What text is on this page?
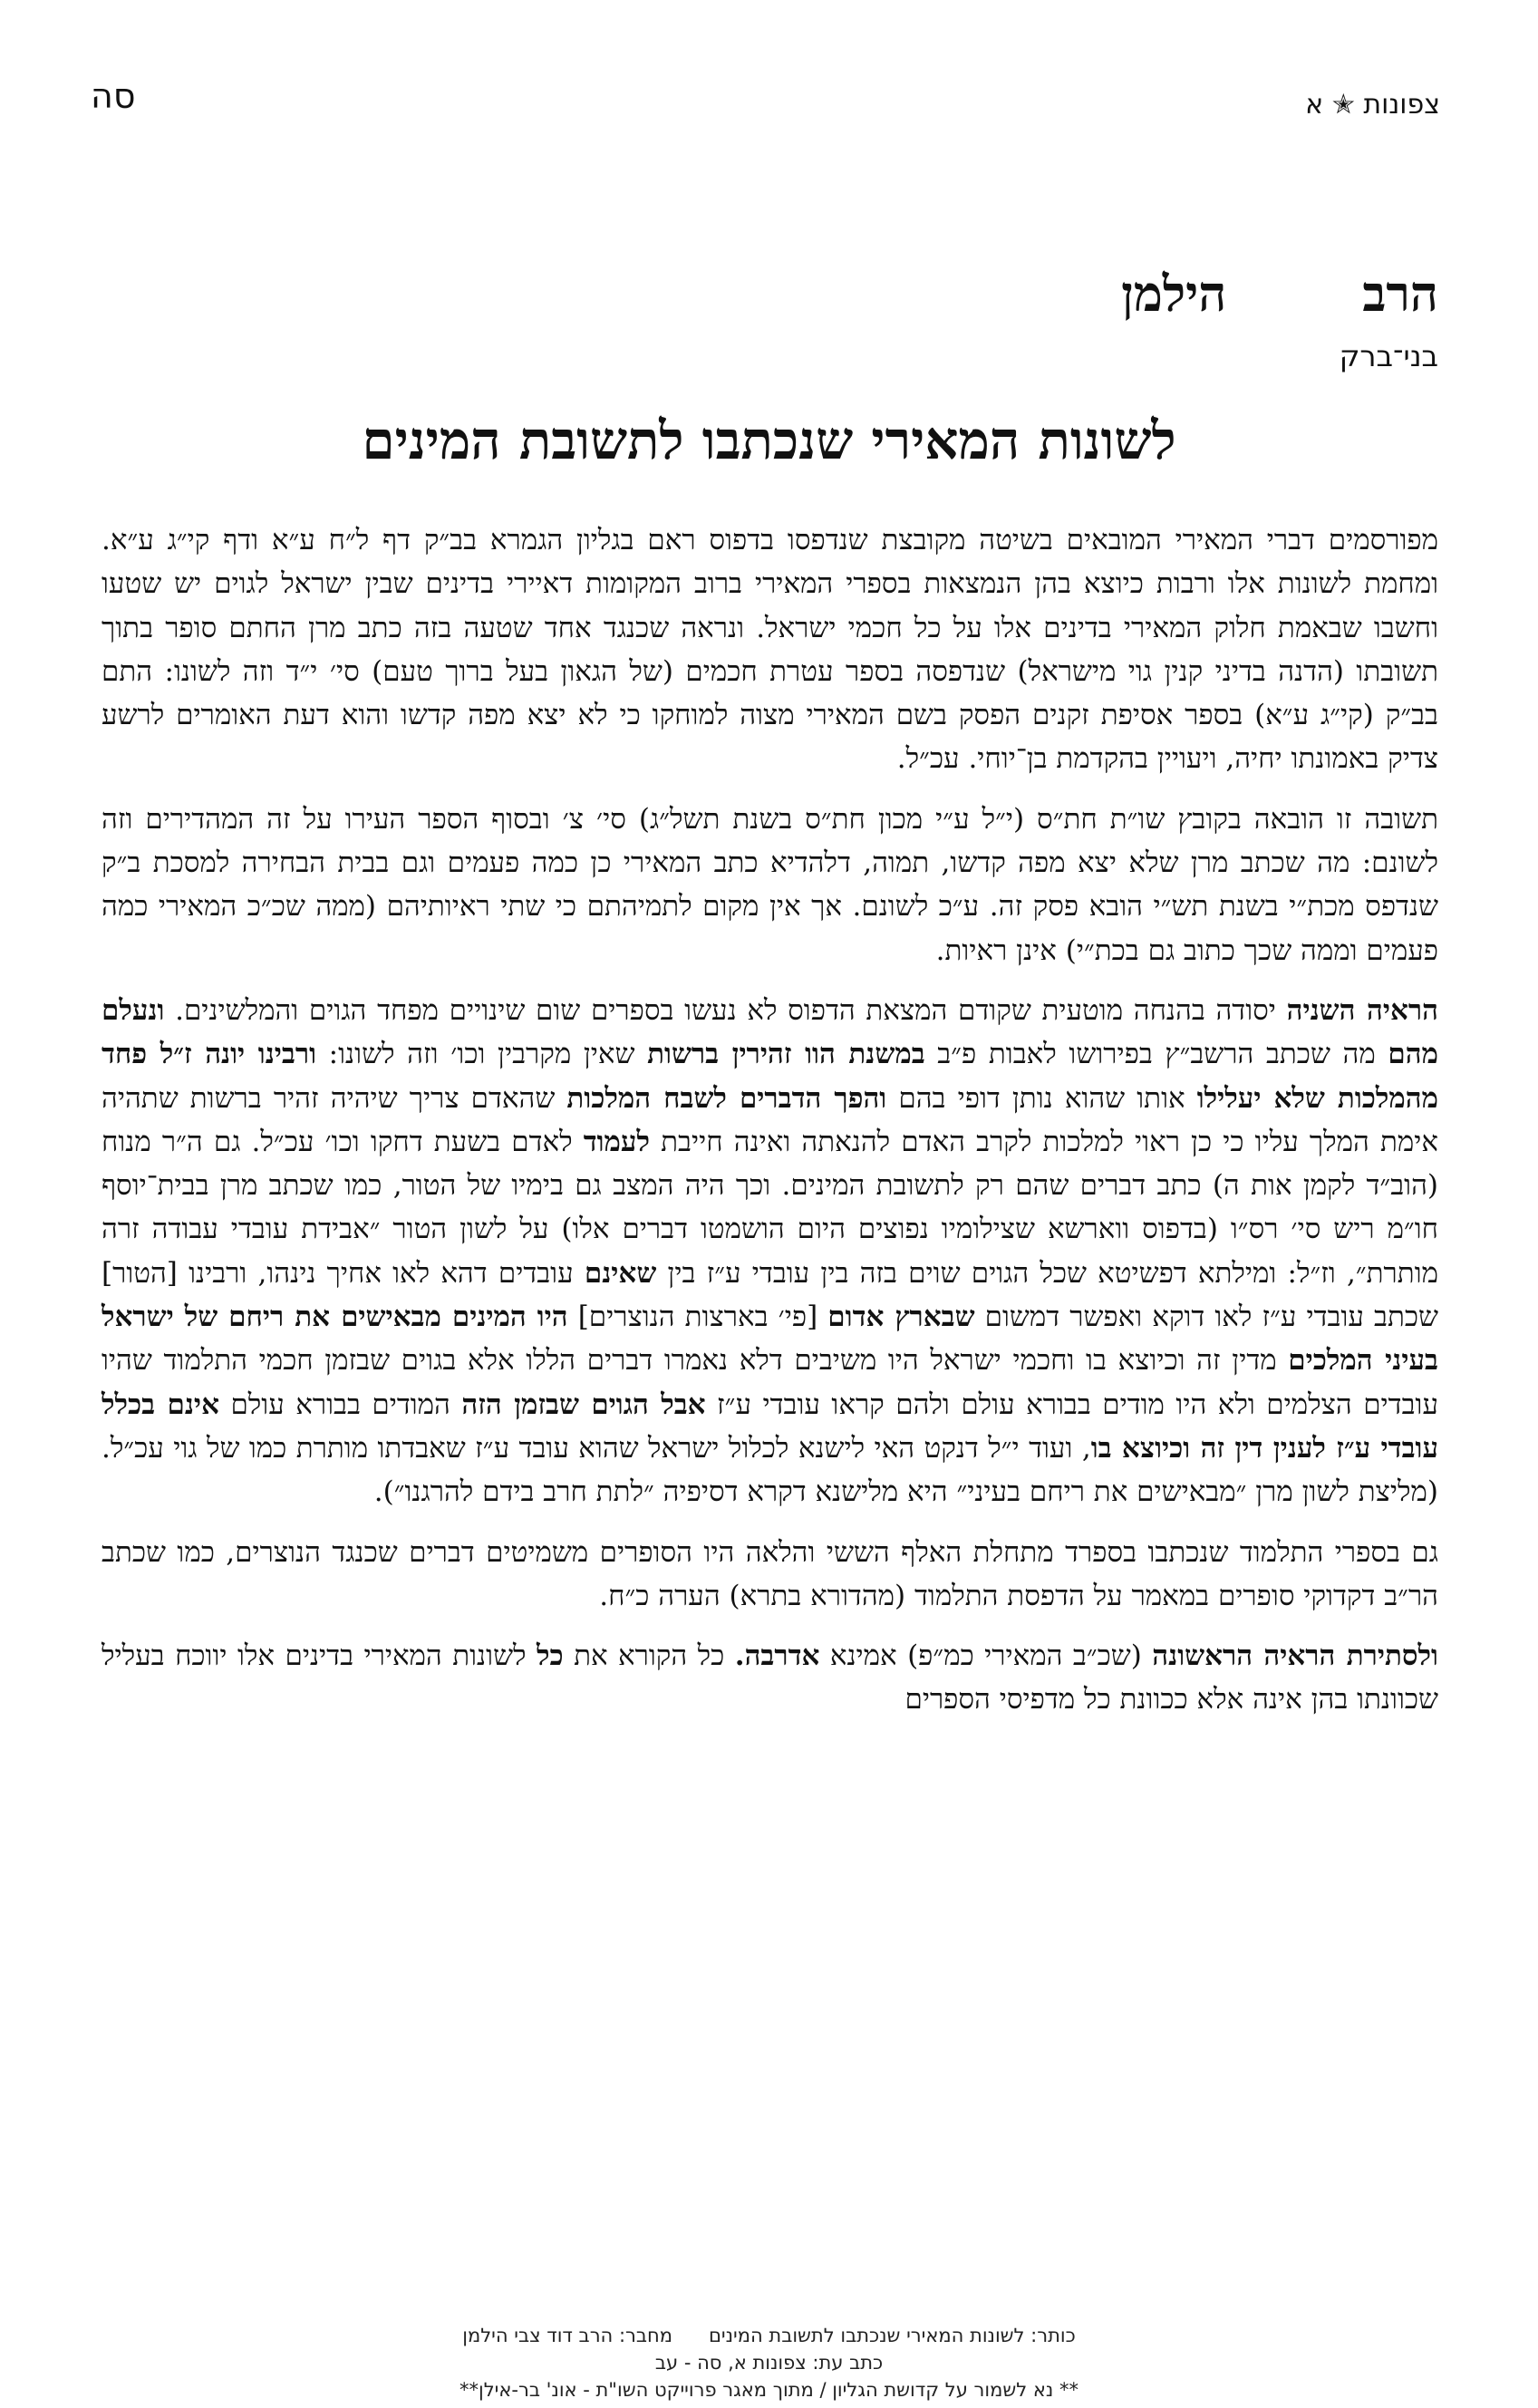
צפונות ✭ א
סה
הרב
הילמן
בני־ברק
לשונות המאירי שנכתבו לתשובת המינים

מפורסמים דברי המאירי המובאים בשיטה מקובצת שנדפסו בדפוס ראם בגליון הגמרא בב״ק דף ל״ח ע״א ודף קי״ג ע״א. ומחמת לשונות אלו ורבות כיוצא בהן הנמצאות בספרי המאירי ברוב המקומות דאיירי בדינים שבין ישראל לגוים יש שטעו וחשבו שבאמת חלוק המאירי בדינים אלו על כל חכמי ישראל. ונראה שכנגד אחד שטעה בזה כתב מרן החתם סופר בתוך תשובתו (הדנה בדיני קנין גוי מישראל) שנדפסה בספר עטרת חכמים (של הגאון בעל ברוך טעם) סי׳ י״ד וזה לשונו: התם בב״ק (קי״ג ע״א) בספר אסיפת זקנים הפסק בשם המאירי מצוה למוחקו כי לא יצא מפה קדשו והוא דעת האומרים לרשע צדיק באמונתו יחיה, ויעויין בהקדמת בן־יוחי. עכ״ל.

תשובה זו הובאה בקובץ שו״ת חת״ס (י״ל ע״י מכון חת״ס בשנת תשל״ג) סי׳ צ׳ ובסוף הספר העירו על זה המהדירים וזה לשונם: מה שכתב מרן שלא יצא מפה קדשו, תמוה, דלהדיא כתב המאירי כן כמה פעמים וגם בבית הבחירה למסכת ב״ק שנדפס מכת״י בשנת תש״י הובא פסק זה. ע״כ לשונם. אך אין מקום לתמיהתם כי שתי ראיותיהם (ממה שכ״כ המאירי כמה פעמים וממה שכך כתוב גם בכת״י) אינן ראיות.

הראיה השניה יסודה בהנחה מוטעית שקודם המצאת הדפוס לא נעשו בספרים שום שינויים מפחד הגוים והמלשינים. ונעלם מהם מה שכתב הרשב״ץ בפירושו לאבות פ״ב במשנת הוו זהירין ברשות שאין מקרבין וכו׳ וזה לשונו: ורבינו יונה ז״ל פחד מהמלכות שלא יעלילו אותו שהוא נותן דופי בהם והפך הדברים לשבח המלכות שהאדם צריך שיהיה זהיר ברשות שתהיה אימת המלך עליו כי כן ראוי למלכות לקרב האדם להנאתה ואינה חייבת לעמוד לאדם בשעת דחקו וכו׳ עכ״ל. גם ה״ר מנוח (הוב״ד לקמן אות ה) כתב דברים שהם רק לתשובת המינים. וכך היה המצב גם בימיו של הטור, כמו שכתב מרן בבית־יוסף חו״מ ריש סי׳ רס״ו (בדפוס ווארשא שצילומיו נפוצים היום הושמטו דברים אלו) על לשון הטור ״אבידת עובדי עבודה זרה מותרת״, וז״ל: ומילתא דפשיטא שכל הגוים שוים בזה בין עובדי ע״ז בין שאינם עובדים דהא לאו אחיך נינהו, ורבינו [הטור] שכתב עובדי ע״ז לאו דוקא ואפשר דמשום שבארץ אדום [פי׳ בארצות הנוצרים] היו המינים מבאישים את ריחם של ישראל בעיני המלכים מדין זה וכיוצא בו וחכמי ישראל היו משיבים דלא נאמרו דברים הללו אלא בגוים שבזמן חכמי התלמוד שהיו עובדים הצלמים ולא היו מודים בבורא עולם ולהם קראו עובדי ע״ז אבל הגוים שבזמן הזה המודים בבורא עולם אינם בכלל עובדי ע״ז לענין דין זה וכיוצא בו, ועוד י״ל דנקט האי לישנא לכלול ישראל שהוא עובד ע״ז שאבדתו מותרת כמו של גוי עכ״ל. (מליצת לשון מרן ״מבאישים את ריחם בעיני״ היא מלישנא דקרא דסיפיה ״לתת חרב בידם להרגנו״).

גם בספרי התלמוד שנכתבו בספרד מתחלת האלף הששי והלאה היו הסופרים משמיטים דברים שכנגד הנוצרים, כמו שכתב הר״ב דקדוקי סופרים במאמר על הדפסת התלמוד (מהדורא בתרא) הערה כ״ח.

ולסתירת הראיה הראשונה (שכ״ב המאירי כמ״פ) אמינא אדרבה. כל הקורא את כל לשונות המאירי בדינים אלו יווכח בעליל שכוונתו בהן אינה אלא ככוונת כל מדפיסי הספרים

כותר: לשונות המאירי שנכתבו לתשובת המיניםמחבר: הרב דוד צבי הילמן
כתב עת: צפונות א, סה - עב
** נא לשמור על קדושת הגליון / מתוך מאגר פרוייקט השו"ת - אונ' בר-אילן**
